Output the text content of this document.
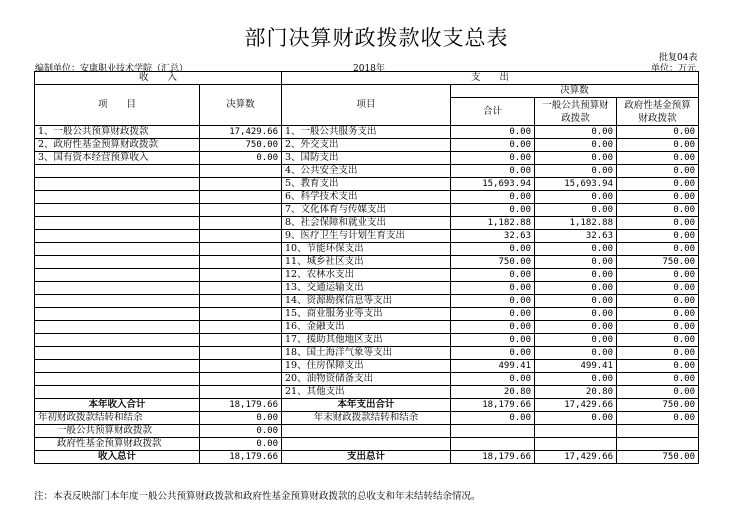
部门决算财政拨款收支总表
批复04表
编制单位：安康职业技术学院（汇总）	2018年	单位：万元
收　　入		支　　出			
项　　目	决算数	项目	决算数		
			合计	一般公共预算财政拨款	政府性基金预算财政拨款

1、一般公共预算财政拨款	17,429.66	1、一般公共服务支出	0.00	0.00	0.00
2、政府性基金预算财政拨款	750.00	2、外交支出	0.00	0.00	0.00
3、国有资本经营预算收入	0.00	3、国防支出	0.00	0.00	0.00
		4、公共安全支出	0.00	0.00	0.00
		5、教育支出	15,693.94	15,693.94	0.00
		6、科学技术支出	0.00	0.00	0.00
		7、文化体育与传媒支出	0.00	0.00	0.00
		8、社会保障和就业支出	1,182.88	1,182.88	0.00
		9、医疗卫生与计划生育支出	32.63	32.63	0.00
		10、节能环保支出	0.00	0.00	0.00
		11、城乡社区支出	750.00	0.00	750.00
		12、农林水支出	0.00	0.00	0.00
		13、交通运输支出	0.00	0.00	0.00
		14、资源勘探信息等支出	0.00	0.00	0.00
		15、商业服务业等支出	0.00	0.00	0.00
		16、金融支出	0.00	0.00	0.00
		17、援助其他地区支出	0.00	0.00	0.00
		18、国土海洋气象等支出	0.00	0.00	0.00
		19、住房保障支出	499.41	499.41	0.00
		20、油物资储备支出	0.00	0.00	0.00
		21、其他支出	20.80	20.80	0.00
本年收入合计	18,179.66	本年支出合计	18,179.66	17,429.66	750.00
年初财政拨款结转和结余	0.00	年末财政拨款结转和结余	0.00	0.00	0.00
一般公共预算财政拨款	0.00				
政府性基金预算财政拨款	0.00				
收入总计	18,179.66	支出总计	18,179.66	17,429.66	750.00
注：本表反映部门本年度一般公共预算财政拨款和政府性基金预算财政拨款的总收支和年末结转结余情况。
